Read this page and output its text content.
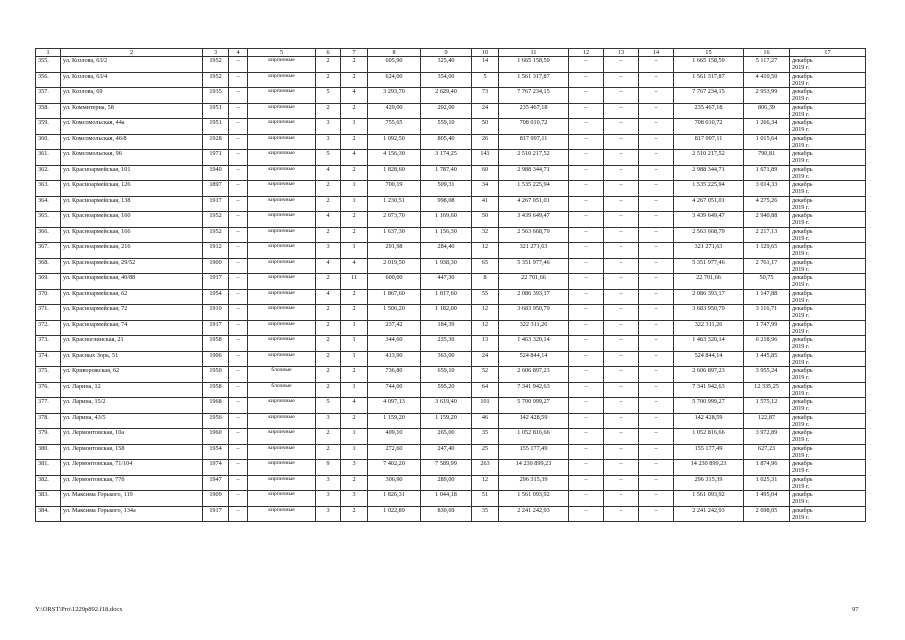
1	2	3	4	5	6	7	8	9	10	11	12	13	14	15	16	17
355.	ул. Козлова, 63/2	1952	–	кирпичные	2	2	605,90	325,40	14	1 665 158,59	–	–	–	1 665 158,59	5 117,27	декабрь
2019 г.

356.	ул. Козлова, 63/4	1952	–	кирпичные	2	2	624,00	354,00	5	1 561 317,87	–	–	–	1 561 317,87	4 410,50	декабрь
2019 г.

357.	ул. Козлова, 69	1935	–	кирпичные	5	4	3 293,70	2 629,40	73	7 767 234,15	–	–	–	7 767 234,15	2 953,99	декабрь
2019 г.

358.	ул. Коммитерна, 58	1951	–	кирпичные	2	2	429,00	292,00	24	235 467,18	–	–	–	235 467,18	806,39	декабрь
2019 г.

359.	ул. Комсомольская, 44а	1951	–	кирпичные	3	1	755,65	559,10	50	708 010,72	–	–	–	708 010,72	1 266,34	декабрь
2019 г.

360.	ул. Комсомольская, 46/8	1928	–	кирпичные	3	2	1 092,50	805,40	26	817 997,11	–	–	–	817 997,11	1 015,64	декабрь
2019 г.

361.	ул. Комсомольская, 96	1971	–	кирпичные	5	4	4 156,30	3 174,25	141	2 510 217,52	–	–	–	2 510 217,52	790,81	декабрь
2019 г.

362.	ул. Красноармейская, 101	1940	–	кирпичные	4	2	1 828,60	1 787,40	60	2 988 344,71	–	–	–	2 988 344,71	1 671,89	декабрь
2019 г.

363.	ул. Красноармейская, 126	1897	–	кирпичные	2	1	700,19	509,31	34	1 535 225,94	–	–	–	1 535 225,94	3 014,33	декабрь
2019 г.

364.	ул. Красноармейская, 138	1917	–	кирпичные	2	1	1 230,51	998,08	41	4 267 051,01	–	–	–	4 267 051,01	4 275,26	декабрь
2019 г.

365.	ул. Красноармейская, 160	1952	–	кирпичные	4	2	2 073,70	1 169,60	50	3 439 649,47	–	–	–	3 439 649,47	2 940,88	декабрь
2019 г.

366.	ул. Красноармейская, 166	1952	–	кирпичные	2	2	1 637,30	1 156,30	32	2 563 668,79	–	–	–	2 563 668,79	2 217,13	декабрь
2019 г.

367.	ул. Красноармейская, 216	1912	–	кирпичные	3	1	291,98	284,40	12	321 271,63	–	–	–	321 271,63	1 129,65	декабрь
2019 г.

368.	ул. Красноармейская, 29/52	1900	–	кирпичные	4	4	2 019,50	1 938,30	65	5 351 977,46	–	–	–	5 351 977,46	2 761,17	декабрь
2019 г.

369.	ул. Красноармейская, 40/88	1917	–	кирпичные	2	11	600,00	447,30	8	22 701,66	–	–	–	22 701,66	50,75	декабрь
2019 г.

370.	ул. Красноармейская, 62	1954	–	кирпичные	4	2	1 867,60	1 817,60	55	2 086 393,17	–	–	–	2 086 393,17	1 147,88	декабрь
2019 г.

371.	ул. Красноармейская, 72	1910	–	кирпичные	2	2	1 506,20	1 182,00	12	3 683 950,79	–	–	–	3 683 950,79	3 116,71	декабрь
2019 г.

372.	ул. Красноармейская, 74	1917	–	кирпичные	2	1	237,42	184,39	12	322 311,26	–	–	–	322 311,26	1 747,99	декабрь
2019 г.

373.	ул. Красноглинская, 21	1958	–	кирпичные	2	1	344,60	235,30	13	1 463 320,14	–	–	–	1 463 320,14	6 218,96	декабрь
2019 г.

374.	ул. Красных Зорь, 51	1906	–	кирпичные	2	1	413,90	363,00	24	524 844,14	–	–	–	524 844,14	1 445,85	декабрь
2019 г.

375.	ул. Криворожская, 62	1950	–	блочные	2	2	736,80	659,10	52	2 606 897,23	–	–	–	2 606 897,23	3 955,24	декабрь
2019 г.

376.	ул. Ларина, 12	1958	–	блочные	2	1	744,00	595,20	64	7 341 942,63	–	–	–	7 341 942,63	12 335,25	декабрь
2019 г.

377.	ул. Ларина, 15/2	1968	–	кирпичные	5	4	4 097,13	3 619,40	101	5 700 999,27	–	–	–	5 700 999,27	1 575,12	декабрь
2019 г.

378.	ул. Ларина, 43/5	1956	–	кирпичные	3	2	1 159,20	1 159,20	46	142 428,59	–	–	–	142 428,59	122,87	декабрь
2019 г.

379.	ул. Лермонтовская, 10а	1960	–	кирпичные	2	1	409,10	265,00	35	1 052 816,66	–	–	–	1 052 816,66	3 972,89	декабрь
2019 г.

380.	ул. Лермонтовская, 158	1954	–	кирпичные	2	1	272,60	247,40	25	155 177,49	–	–	–	155 177,49	627,23	декабрь
2019 г.

381.	ул. Лермонтовская, 71/104	1974	–	кирпичные	9	3	7 402,20	7 589,99	263	14 230 899,23	–	–	–	14 230 899,23	1 874,96	декабрь
2019 г.

382.	ул. Лермонтовская, 77б	1947	–	кирпичные	3	2	306,90	289,00	12	296 315,39	–	–	–	296 315,39	1 025,31	декабрь
2019 г.

383.	ул. Максима Горького, 119	1909	–	кирпичные	3	3	1 826,31	1 044,18	51	1 561 093,92	–	–	–	1 561 093,92	1 495,04	декабрь
2019 г.

384.	ул. Максима Горького, 134а	1917	–	кирпичные	3	2	1 022,89	830,69	35	2 241 242,93	–	–	–	2 241 242,93	2 698,05	декабрь
2019 г.
Y:\ORST\Pro\1229p892.f18.docx	97
